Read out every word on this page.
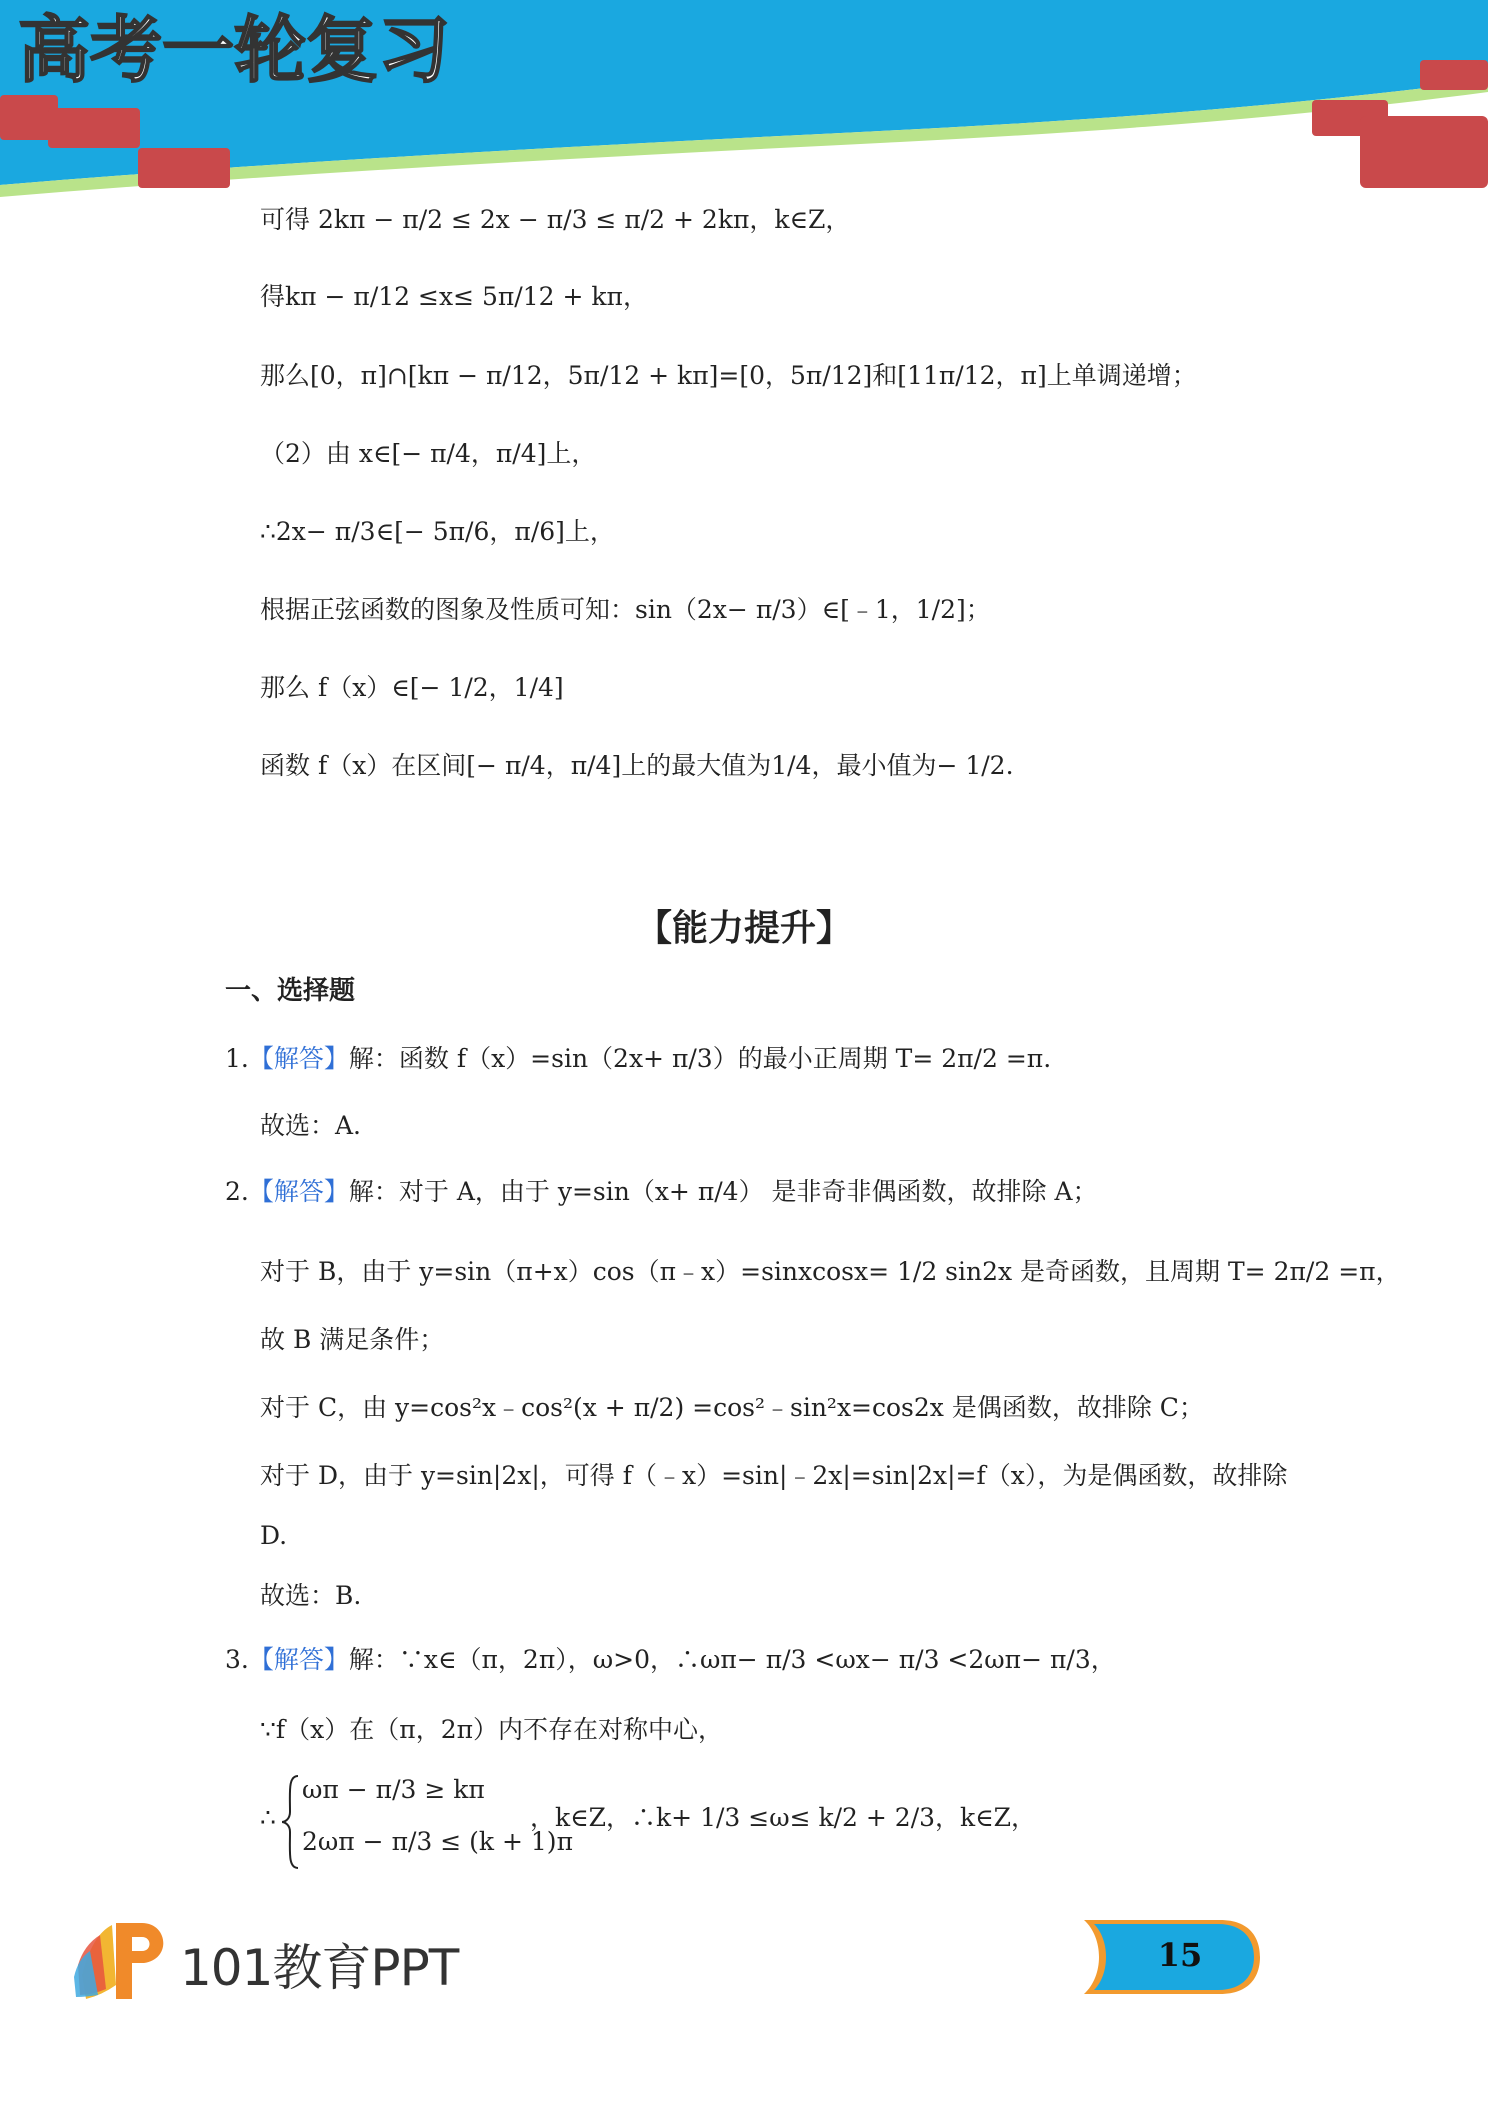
高考一轮复习
可得 2kπ − π/2 ≤ 2x − π/3 ≤ π/2 + 2kπ，k∈Z，
得kπ − π/12 ≤x≤ 5π/12 + kπ，
那么[0，π]∩[kπ − π/12，5π/12 + kπ]=[0，5π/12]和[11π/12，π]上单调递增；
（2）由 x∈[− π/4，π/4]上，
∴2x− π/3∈[− 5π/6，π/6]上，
根据正弦函数的图象及性质可知：sin（2x− π/3）∈[﹣1，1/2]；
那么 f（x）∈[− 1/2，1/4]
函数 f（x）在区间[− π/4，π/4]上的最大值为1/4，最小值为− 1/2.
【能力提升】
一、选择题
1.【解答】解：函数 f（x）=sin（2x+ π/3）的最小正周期 T= 2π/2 =π.
故选：A.
2.【解答】解：对于 A，由于 y=sin（x+ π/4） 是非奇非偶函数，故排除 A；
对于 B，由于 y=sin（π+x）cos（π﹣x）=sinxcosx= 1/2 sin2x 是奇函数，且周期 T= 2π/2 =π，
故 B 满足条件；
对于 C，由 y=cos²x﹣cos²(x + π/2) =cos²﹣sin²x=cos2x 是偶函数，故排除 C；
对于 D，由于 y=sin|2x|，可得 f（﹣x）=sin|﹣2x|=sin|2x|=f（x），为是偶函数，故排除
D.
故选：B.
3.【解答】解：∵x∈（π，2π），ω>0，∴ωπ− π/3 <ωx− π/3 <2ωπ− π/3，
∵f（x）在（π，2π）内不存在对称中心，
∴
ωπ − π/3 ≥ kπ
2ωπ − π/3 ≤ (k + 1)π
，k∈Z，∴k+ 1/3 ≤ω≤ k/2 + 2/3，k∈Z，
101教育PPT	15
